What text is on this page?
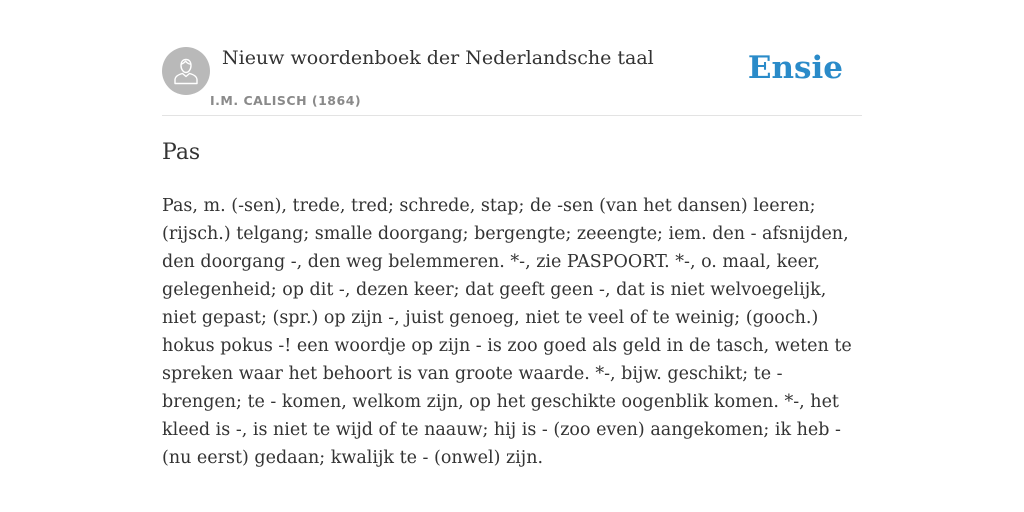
Nieuw woordenboek der Nederlandsche taal
I.M. CALISCH (1864)
Ensie
Pas

Pas, m. (-sen), trede, tred; schrede, stap; de -sen (van het dansen) leeren; (rijsch.) telgang; smalle doorgang; bergengte; zeeengte; iem. den - afsnijden, den doorgang -, den weg belemmeren. *-, zie PASPOORT. *-, o. maal, keer, gelegenheid; op dit -, dezen keer; dat geeft geen -, dat is niet welvoegelijk, niet gepast; (spr.) op zijn -, juist genoeg, niet te veel of te weinig; (gooch.) hokus pokus -! een woordje op zijn - is zoo goed als geld in de tasch, weten te spreken waar het behoort is van groote waarde. *-, bijw. geschikt; te - brengen; te - komen, welkom zijn, op het geschikte oogenblik komen. *-, het kleed is -, is niet te wijd of te naauw; hij is - (zoo even) aangekomen; ik heb - (nu eerst) gedaan; kwalijk te - (onwel) zijn.
